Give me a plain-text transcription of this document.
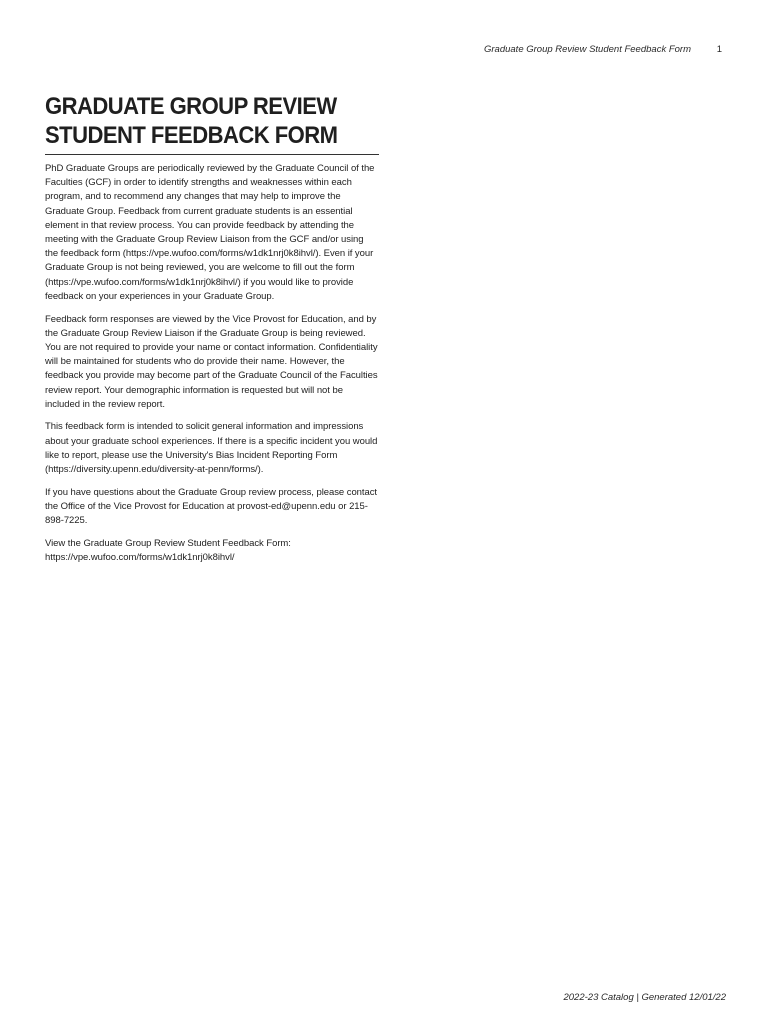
Graduate Group Review Student Feedback Form	1
GRADUATE GROUP REVIEW
STUDENT FEEDBACK FORM

PhD Graduate Groups are periodically reviewed by the Graduate Council of the Faculties (GCF) in order to identify strengths and weaknesses within each program, and to recommend any changes that may help to improve the Graduate Group. Feedback from current graduate students is an essential element in that review process. You can provide feedback by attending the meeting with the Graduate Group Review Liaison from the GCF and/or using the feedback form (https://vpe.wufoo.com/forms/w1dk1nrj0k8ihvl/). Even if your Graduate Group is not being reviewed, you are welcome to fill out the form (https://vpe.wufoo.com/forms/w1dk1nrj0k8ihvl/) if you would like to provide feedback on your experiences in your Graduate Group.

Feedback form responses are viewed by the Vice Provost for Education, and by the Graduate Group Review Liaison if the Graduate Group is being reviewed. You are not required to provide your name or contact information. Confidentiality will be maintained for students who do provide their name. However, the feedback you provide may become part of the Graduate Council of the Faculties review report. Your demographic information is requested but will not be included in the review report.

This feedback form is intended to solicit general information and impressions about your graduate school experiences. If there is a specific incident you would like to report, please use the University's Bias Incident Reporting Form (https://diversity.upenn.edu/diversity-at-penn/forms/).

If you have questions about the Graduate Group review process, please contact the Office of the Vice Provost for Education at provost-ed@upenn.edu or 215-898-7225.

View the Graduate Group Review Student Feedback Form: https://vpe.wufoo.com/forms/w1dk1nrj0k8ihvl/

2022-23 Catalog | Generated 12/01/22
